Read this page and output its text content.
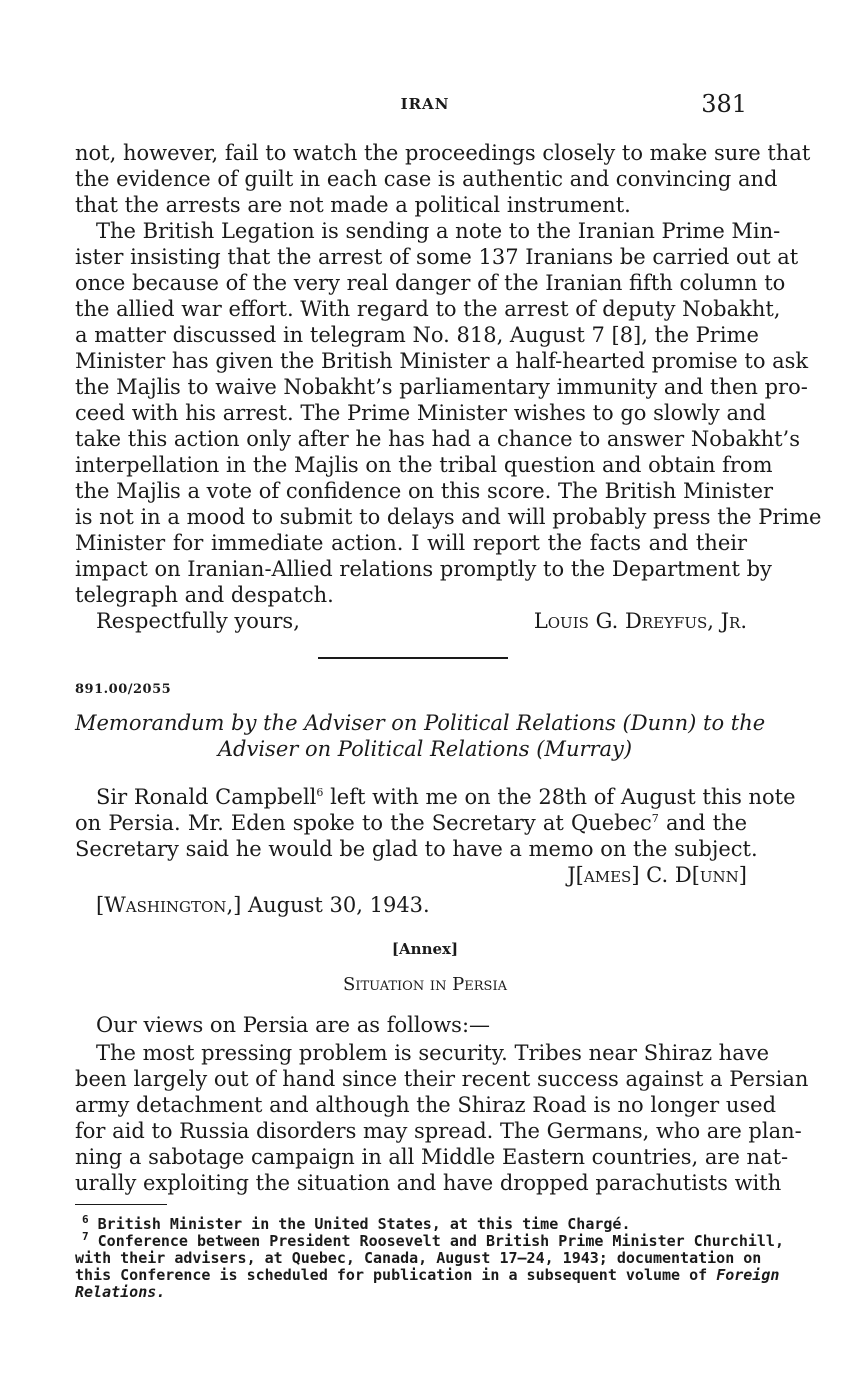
IRAN	381
not, however, fail to watch the proceedings closely to make sure that
the evidence of guilt in each case is authentic and convincing and
that the arrests are not made a political instrument.
The British Legation is sending a note to the Iranian Prime Min-
ister insisting that the arrest of some 137 Iranians be carried out at
once because of the very real danger of the Iranian fifth column to
the allied war effort. With regard to the arrest of deputy Nobakht,
a matter discussed in telegram No. 818, August 7 [8], the Prime
Minister has given the British Minister a half-hearted promise to ask
the Majlis to waive Nobakht’s parliamentary immunity and then pro-
ceed with his arrest. The Prime Minister wishes to go slowly and
take this action only after he has had a chance to answer Nobakht’s
interpellation in the Majlis on the tribal question and obtain from
the Majlis a vote of confidence on this score. The British Minister
is not in a mood to submit to delays and will probably press the Prime
Minister for immediate action. I will report the facts and their
impact on Iranian-Allied relations promptly to the Department by
telegraph and despatch.
Respectfully yours,	Louis G. Dreyfus, Jr.
891.00/2055
Memorandum by the Adviser on Political Relations (Dunn) to the
Adviser on Political Relations (Murray)
Sir Ronald Campbell$^6$ left with me on the 28th of August this note
on Persia. Mr. Eden spoke to the Secretary at Quebec$^7$ and the
Secretary said he would be glad to have a memo on the subject.
J[ames] C. D[unn]
[Washington,] August 30, 1943.
[Annex]
Situation in Persia
Our views on Persia are as follows:—
The most pressing problem is security. Tribes near Shiraz have
been largely out of hand since their recent success against a Persian
army detachment and although the Shiraz Road is no longer used
for aid to Russia disorders may spread. The Germans, who are plan-
ning a sabotage campaign in all Middle Eastern countries, are nat-
urally exploiting the situation and have dropped parachutists with
$^6$ British Minister in the United States, at this time Chargé.
$^7$ Conference between President Roosevelt and British Prime Minister Churchill,
with their advisers, at Quebec, Canada, August 17–24, 1943; documentation on
this Conference is scheduled for publication in a subsequent volume of Foreign
Relations.
